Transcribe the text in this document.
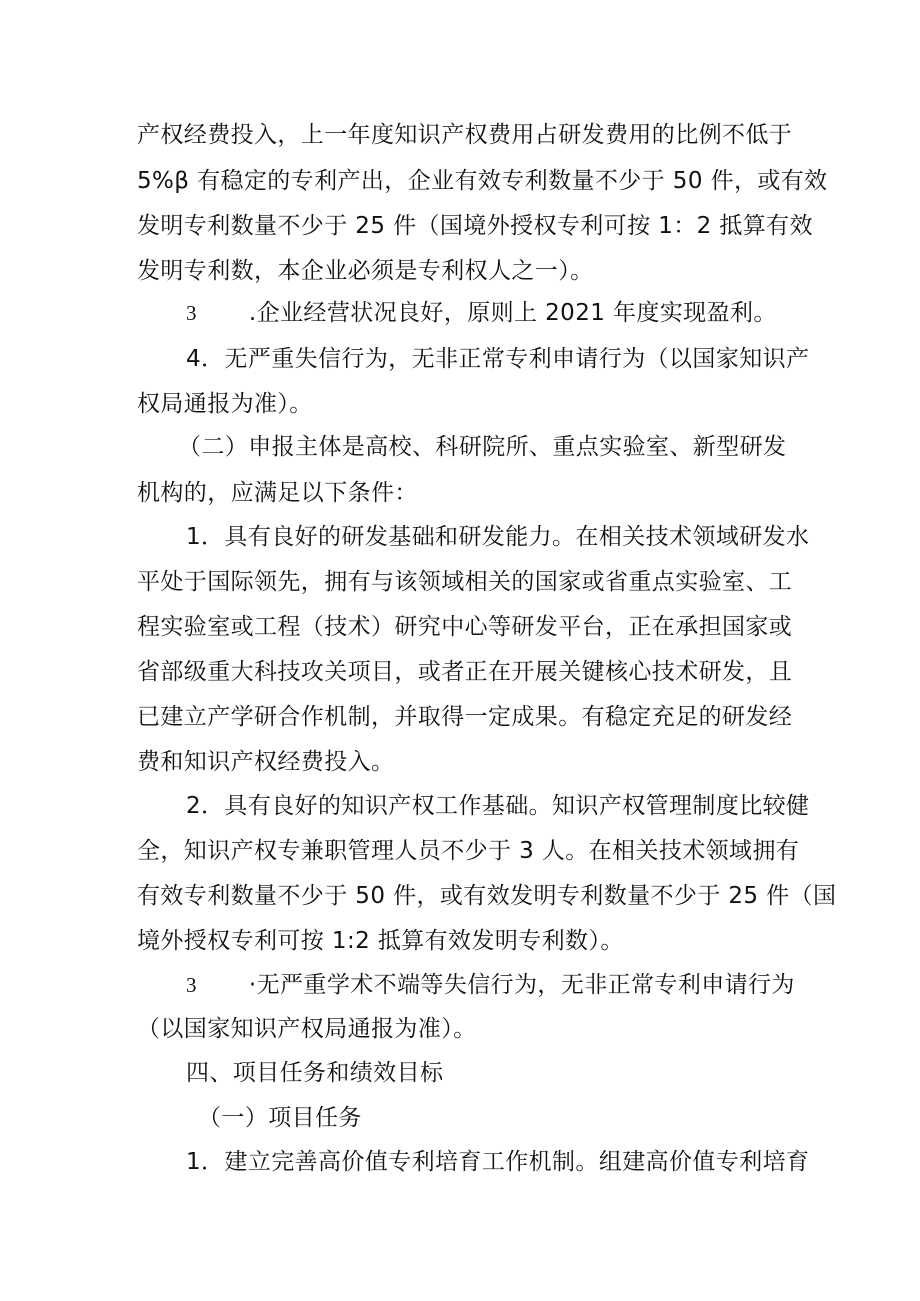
产权经费投入，上一年度知识产权费用占研发费用的比例不低于
5%β 有稳定的专利产出，企业有效专利数量不少于 50 件，或有效
发明专利数量不少于 25 件（国境外授权专利可按 1：2 抵算有效
发明专利数，本企业必须是专利权人之一）。
3 .企业经营状况良好，原则上 2021 年度实现盈利。
4．无严重失信行为，无非正常专利申请行为（以国家知识产
权局通报为准）。
（二）申报主体是高校、科研院所、重点实验室、新型研发
机构的，应满足以下条件：
1．具有良好的研发基础和研发能力。在相关技术领域研发水
平处于国际领先，拥有与该领域相关的国家或省重点实验室、工
程实验室或工程（技术）研究中心等研发平台，正在承担国家或
省部级重大科技攻关项目，或者正在开展关键核心技术研发，且
已建立产学研合作机制，并取得一定成果。有稳定充足的研发经
费和知识产权经费投入。
2．具有良好的知识产权工作基础。知识产权管理制度比较健
全，知识产权专兼职管理人员不少于 3 人。在相关技术领域拥有
有效专利数量不少于 50 件，或有效发明专利数量不少于 25 件（国
境外授权专利可按 1:2 抵算有效发明专利数）。
3 ·无严重学术不端等失信行为，无非正常专利申请行为
（以国家知识产权局通报为准）。
四、项目任务和绩效目标
（一）项目任务
1．建立完善高价值专利培育工作机制。组建高价值专利培育
